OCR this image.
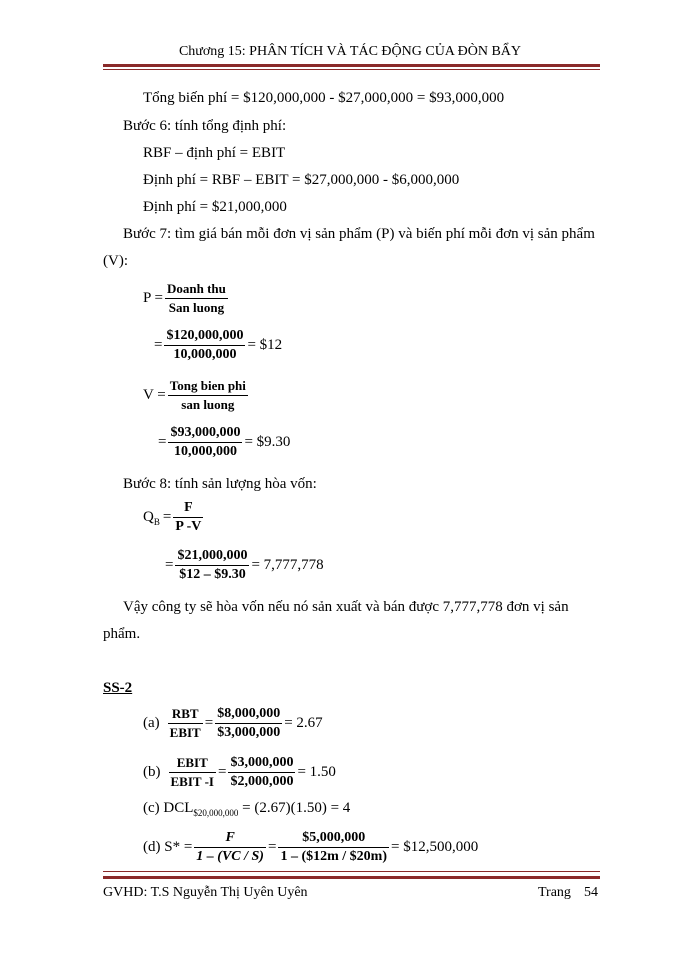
Chương 15: PHÂN TÍCH VÀ TÁC ĐỘNG CỦA ĐÒN BẨY
Tổng biến phí = $120,000,000 - $27,000,000 = $93,000,000
Bước 6: tính tổng định phí:
RBF – định phí = EBIT
Định phí = RBF – EBIT = $27,000,000 - $6,000,000
Định phí = $21,000,000
Bước 7: tìm giá bán mỗi đơn vị sản phẩm (P) và biến phí mỗi đơn vị sản phẩm
(V):
$P = \frac{\text{Doanh thu}}{\text{San luong}}$
= $\frac{\$120,000,000}{10,000,000}$ = $12
$V = \frac{\text{Tong bien phi}}{\text{san luong}}$
= $\frac{\$93,000,000}{10,000,000}$ = $9.30
Bước 8: tính sản lượng hòa vốn:
$Q_B = \frac{F}{P -V}$
= $\frac{\$21,000,000}{\$12 - \$9.30} = 7,777,778$
Vậy công ty sẽ hòa vốn nếu nó sản xuất và bán được 7,777,778 đơn vị sản
phẩm.
SS-2
$(a) \frac{\text{RBT}}{\text{EBIT}} = \frac{\$8,000,000}{\$3,000,000} = 2.67$
$(b) \frac{\text{EBIT}}{\text{EBIT -I}} = \frac{\$3,000,000}{\$2,000,000} = 1.50$
(c) $DCL_{\$20,000,000} = (2.67)(1.50) = 4$
(d) $S* = \frac{F}{1 - (VC / S)} = \frac{\$5,000,000}{1 - (\$12m / \$20m)}$ = $12,500,000
GVHD: T.S Nguyễn Thị Uyên Uyên	Trang 54
